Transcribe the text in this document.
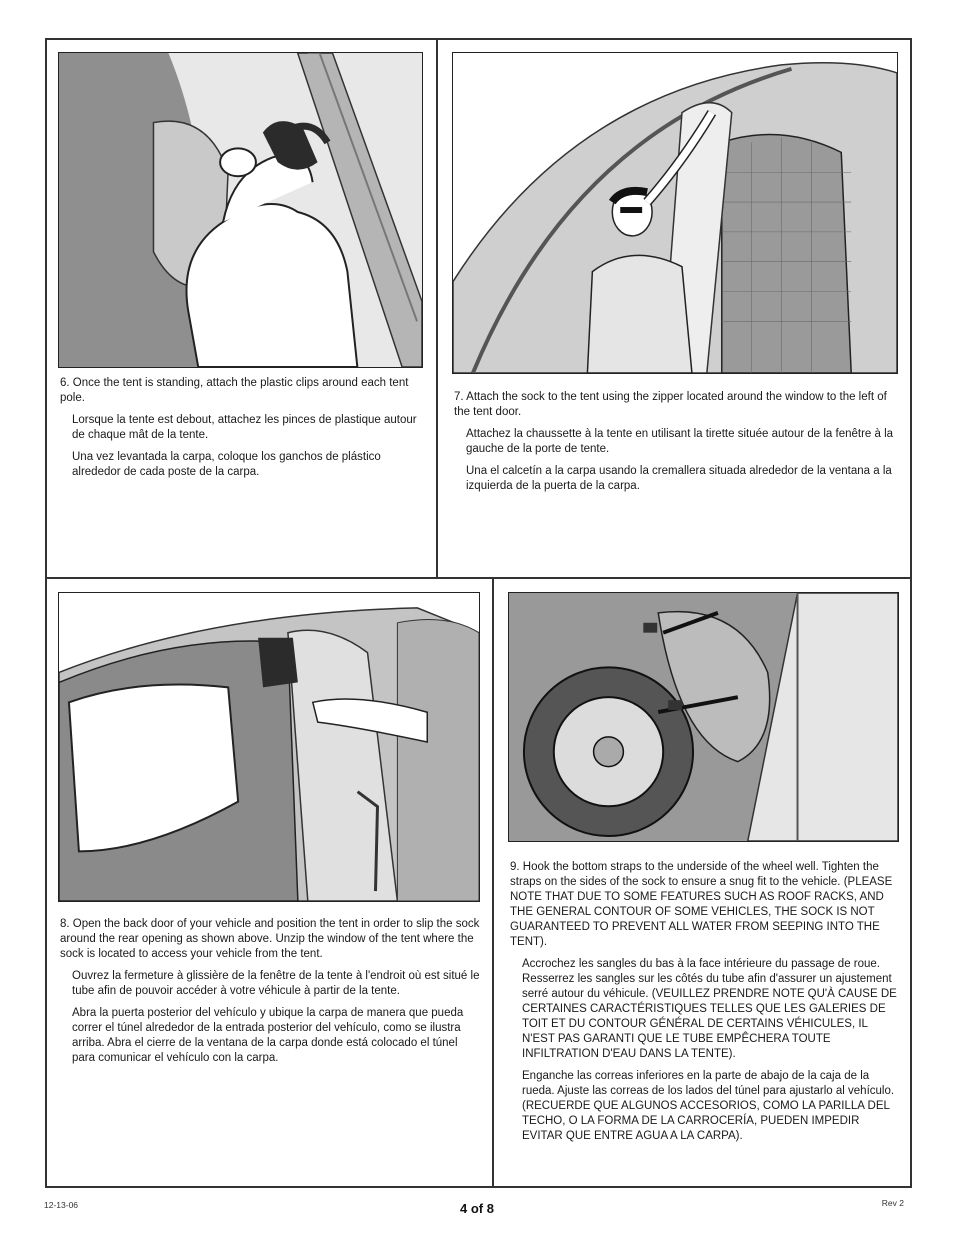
6. Once the tent is standing, attach the plastic clips around each tent pole.

Lorsque la tente est debout, attachez les pinces de plastique autour de chaque mât de la tente.

Una vez levantada la carpa, coloque los ganchos de plástico alrededor de cada poste de la carpa.

7. Attach the sock to the tent using the zipper located around the window to the left of the tent door.

Attachez la chaussette à la tente en utilisant la tirette située autour de la fenêtre à la gauche de la porte de tente.

Una el calcetín a la carpa usando la cremallera situada alrededor de la ventana a la izquierda de la puerta de la carpa.

8. Open the back door of your vehicle and position the tent in order to slip the sock around the rear opening as shown above. Unzip the window of the tent where the sock is located to access your vehicle from the tent.

Ouvrez la fermeture à glissière de la fenêtre de la tente à l'endroit où est situé le tube afin de pouvoir accéder à votre véhicule à partir de la tente.

Abra la puerta posterior del vehículo y ubique la carpa de manera que pueda correr el túnel alrededor de la entrada posterior del vehículo, como se ilustra arriba. Abra el cierre de la ventana de la carpa donde está colocado el túnel para comunicar el vehículo con la carpa.

9. Hook the bottom straps to the underside of the wheel well. Tighten the straps on the sides of the sock to ensure a snug fit to the vehicle. (PLEASE NOTE THAT DUE TO SOME FEATURES SUCH AS ROOF RACKS, AND THE GENERAL CONTOUR OF SOME VEHICLES, THE SOCK IS NOT GUARANTEED TO PREVENT ALL WATER FROM SEEPING INTO THE TENT).

Accrochez les sangles du bas à la face intérieure du passage de roue. Resserrez les sangles sur les côtés du tube afin d'assurer un ajustement serré autour du véhicule. (VEUILLEZ PRENDRE NOTE QU'À CAUSE DE CERTAINES CARACTÉRISTIQUES TELLES QUE LES GALERIES DE TOIT ET DU CONTOUR GÉNÉRAL DE CERTAINS VÉHICULES, IL N'EST PAS GARANTI QUE LE TUBE EMPÊCHERA TOUTE INFILTRATION D'EAU DANS LA TENTE).

Enganche las correas inferiores en la parte de abajo de la caja de la rueda. Ajuste las correas de los lados del túnel para ajustarlo al vehículo. (RECUERDE QUE ALGUNOS ACCESORIOS, COMO LA PARILLA DEL TECHO, O LA FORMA DE LA CARROCERÍA, PUEDEN IMPEDIR EVITAR QUE ENTRE AGUA A LA CARPA).

12-13-06	4 of 8	Rev 2
